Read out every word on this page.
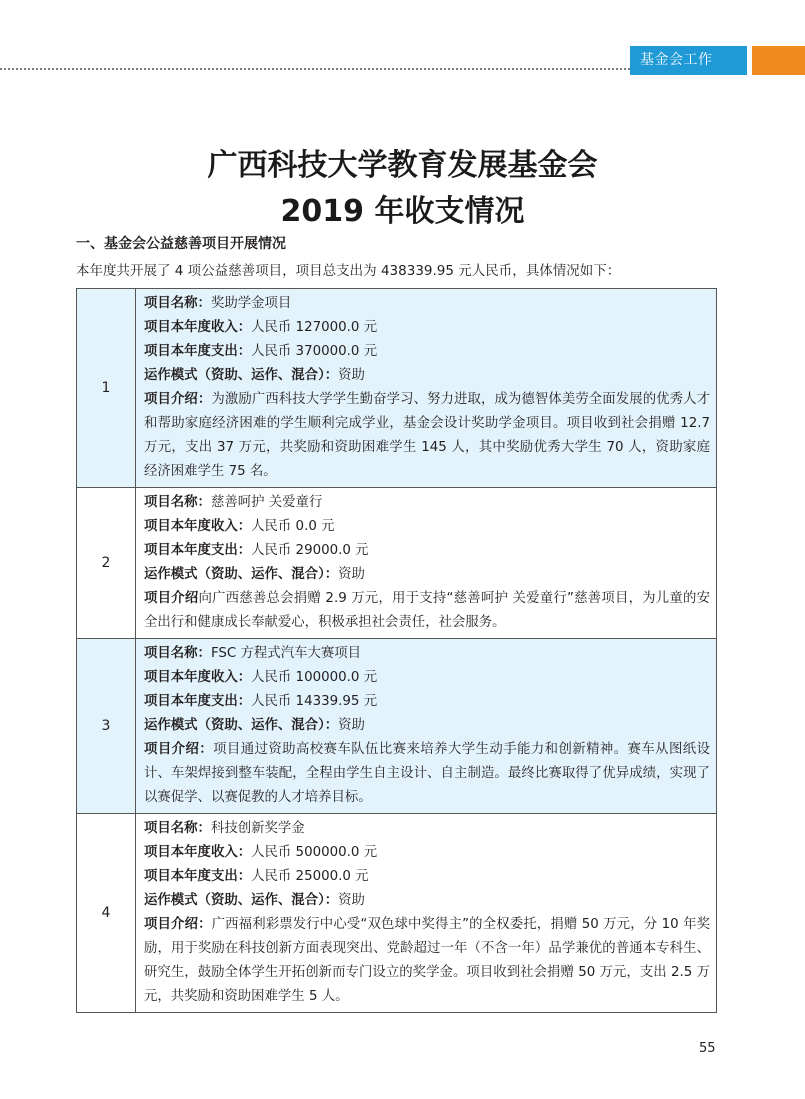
基金会工作
广西科技大学教育发展基金会
2019 年收支情况
一、基金会公益慈善项目开展情况
本年度共开展了 4 项公益慈善项目，项目总支出为 438339.95 元人民币，具体情况如下：
1	项目名称：奖助学金项目
项目本年度收入：人民币 127000.0 元
项目本年度支出：人民币 370000.0 元
运作模式（资助、运作、混合）：资助
项目介绍：为激励广西科技大学学生勤奋学习、努力进取，成为德智体美劳全面发展的优秀人才和帮助家庭经济困难的学生顺利完成学业，基金会设计奖助学金项目。项目收到社会捐赠 12.7 万元，支出 37 万元，共奖励和资助困难学生 145 人，其中奖励优秀大学生 70 人，资助家庭经济困难学生 75 名。

2	项目名称：慈善呵护 关爱童行
项目本年度收入：人民币 0.0 元
项目本年度支出：人民币 29000.0 元
运作模式（资助、运作、混合）：资助
项目介绍向广西慈善总会捐赠 2.9 万元，用于支持“慈善呵护 关爱童行”慈善项目，为儿童的安全出行和健康成长奉献爱心，积极承担社会责任，社会服务。

3	项目名称：FSC 方程式汽车大赛项目
项目本年度收入：人民币 100000.0 元
项目本年度支出：人民币 14339.95 元
运作模式（资助、运作、混合）：资助
项目介绍：项目通过资助高校赛车队伍比赛来培养大学生动手能力和创新精神。赛车从图纸设计、车架焊接到整车装配，全程由学生自主设计、自主制造。最终比赛取得了优异成绩，实现了以赛促学、以赛促教的人才培养目标。

4	项目名称：科技创新奖学金
项目本年度收入：人民币 500000.0 元
项目本年度支出：人民币 25000.0 元
运作模式（资助、运作、混合）：资助
项目介绍：广西福利彩票发行中心受“双色球中奖得主”的全权委托，捐赠 50 万元，分 10 年奖励，用于奖励在科技创新方面表现突出、党龄超过一年（不含一年）品学兼优的普通本专科生、研究生，鼓励全体学生开拓创新而专门设立的奖学金。项目收到社会捐赠 50 万元，支出 2.5 万元，共奖励和资助困难学生 5 人。
55
